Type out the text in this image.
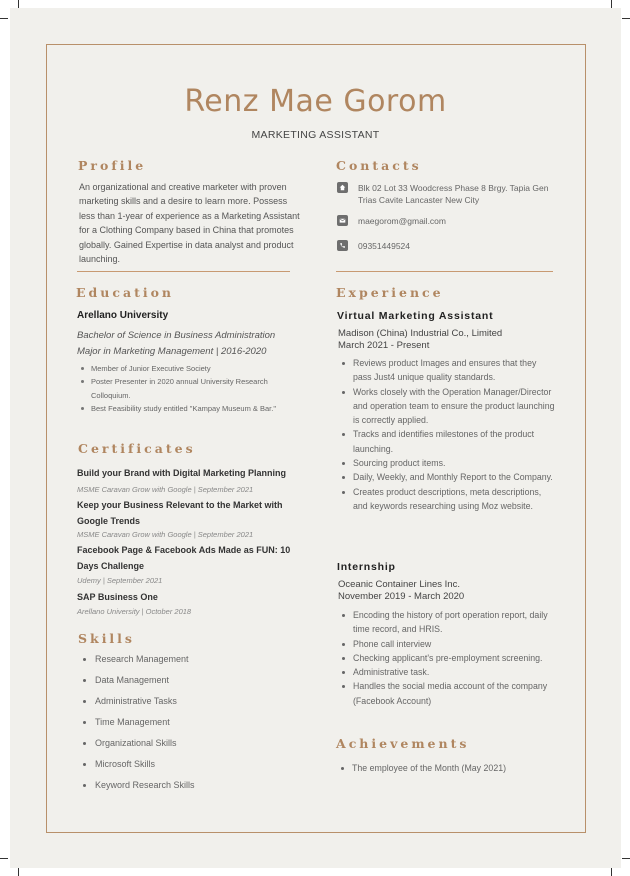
Renz Mae Gorom
MARKETING ASSISTANT
Profile
An organizational and creative marketer with proven marketing skills and a desire to learn more. Possess less than 1-year of experience as a Marketing Assistant for a Clothing Company based in China that promotes globally. Gained Expertise in data analyst and product launching.
Contacts
Blk 02 Lot 33 Woodcress Phase 8 Brgy. Tapia Gen Trias Cavite Lancaster New City
maegorom@gmail.com
09351449524
Education
Arellano University
Bachelor of Science in Business Administration
Major in Marketing Management | 2016-2020
Member of Junior Executive Society
Poster Presenter in 2020 annual University Research Colloquium.
Best Feasibility study entitled "Kampay Museum & Bar."
Certificates
Build your Brand with Digital Marketing Planning
MSME Caravan Grow with Google | September 2021
Keep your Business Relevant to the Market with Google Trends
MSME Caravan Grow with Google | September 2021
Facebook Page & Facebook Ads Made as FUN: 10 Days Challenge
Udemy | September 2021
SAP Business One
Arellano University | October 2018
Skills
Research Management
Data Management
Administrative Tasks
Time Management
Organizational Skills
Microsoft Skills
Keyword Research Skills
Experience
Virtual Marketing Assistant
Madison (China) Industrial Co., Limited
March 2021 - Present
Reviews product Images and ensures that they pass Just4 unique quality standards.
Works closely with the Operation Manager/Director and operation team to ensure the product launching is correctly applied.
Tracks and identifies milestones of the product launching.
Sourcing product items.
Daily, Weekly, and Monthly Report to the Company.
Creates product descriptions, meta descriptions, and keywords researching using Moz website.
Internship
Oceanic Container Lines Inc.
November 2019 - March 2020
Encoding the history of port operation report, daily time record, and HRIS.
Phone call interview
Checking applicant's pre-employment screening.
Administrative task.
Handles the social media account of the company (Facebook Account)
Achievements
The employee of the Month (May 2021)
